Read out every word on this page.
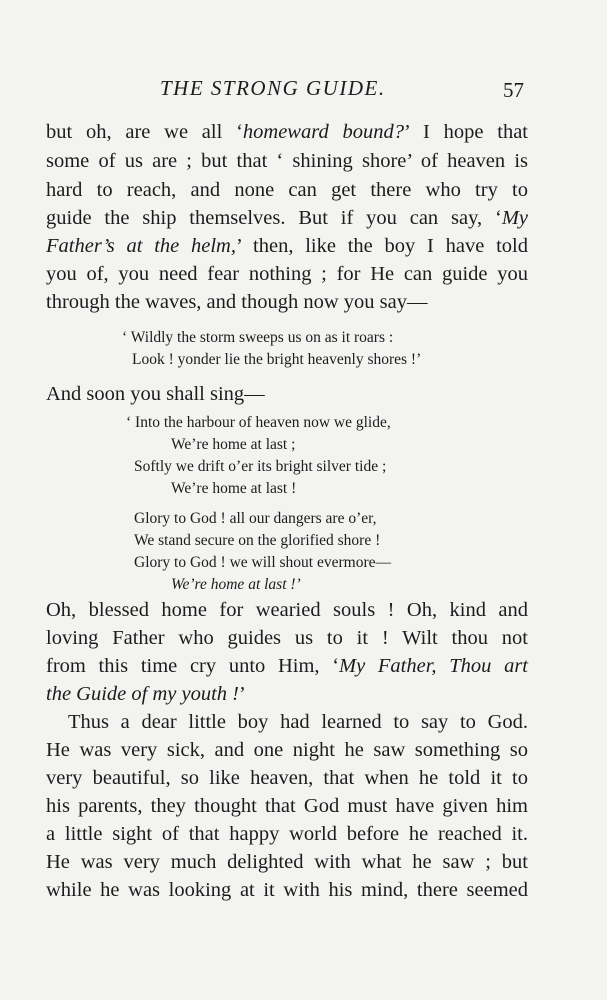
THE STRONG GUIDE.	57
but oh, are we all ‘homeward bound?’ I hope that
some of us are ; but that ‘ shining shore’ of heaven is
hard to reach, and none can get there who try to
guide the ship themselves. But if you can say, ‘My
Father’s at the helm,’ then, like the boy I have told
you of, you need fear nothing ; for He can guide you
through the waves, and though now you say—
‘ Wildly the storm sweeps us on as it roars :
Look ! yonder lie the bright heavenly shores !’
And soon you shall sing—
‘ Into the harbour of heaven now we glide,
We’re home at last ;
Softly we drift o’er its bright silver tide ;
We’re home at last !
Glory to God ! all our dangers are o’er,
We stand secure on the glorified shore !
Glory to God ! we will shout evermore—
We’re home at last !’
Oh, blessed home for wearied souls ! Oh, kind and
loving Father who guides us to it ! Wilt thou not
from this time cry unto Him, ‘My Father, Thou art
the Guide of my youth !’
Thus a dear little boy had learned to say to God.
He was very sick, and one night he saw something so
very beautiful, so like heaven, that when he told it to
his parents, they thought that God must have given him
a little sight of that happy world before he reached it.
He was very much delighted with what he saw ; but
while he was looking at it with his mind, there seemed
